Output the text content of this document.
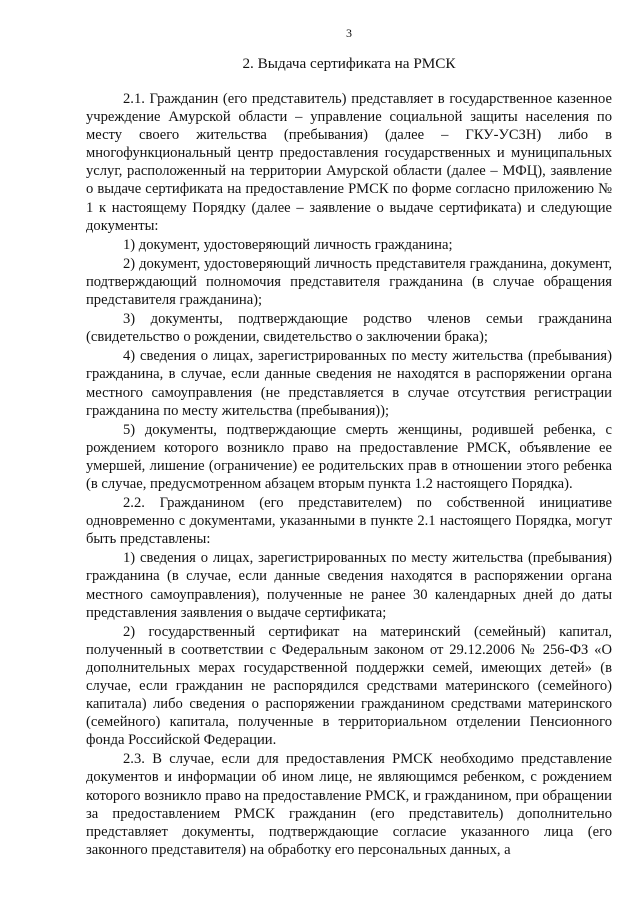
3
2. Выдача сертификата на РМСК

2.1. Гражданин (его представитель) представляет в государственное казенное учреждение Амурской области – управление социальной защиты населения по месту своего жительства (пребывания) (далее – ГКУ-УСЗН) либо в многофункциональный центр предоставления государственных и муниципальных услуг, расположенный на территории Амурской области (далее – МФЦ), заявление о выдаче сертификата на предоставление РМСК по форме согласно приложению № 1 к настоящему Порядку (далее – заявление о выдаче сертификата) и следующие документы:

1) документ, удостоверяющий личность гражданина;

2) документ, удостоверяющий личность представителя гражданина, документ, подтверждающий полномочия представителя гражданина (в случае обращения представителя гражданина);

3) документы, подтверждающие родство членов семьи гражданина (свидетельство о рождении, свидетельство о заключении брака);

4) сведения о лицах, зарегистрированных по месту жительства (пребывания) гражданина, в случае, если данные сведения не находятся в распоряжении органа местного самоуправления (не представляется в случае отсутствия регистрации гражданина по месту жительства (пребывания));

5) документы, подтверждающие смерть женщины, родившей ребенка, с рождением которого возникло право на предоставление РМСК, объявление ее умершей, лишение (ограничение) ее родительских прав в отношении этого ребенка (в случае, предусмотренном абзацем вторым пункта 1.2 настоящего Порядка).

2.2. Гражданином (его представителем) по собственной инициативе одновременно с документами, указанными в пункте 2.1 настоящего Порядка, могут быть представлены:

1) сведения о лицах, зарегистрированных по месту жительства (пребывания) гражданина (в случае, если данные сведения находятся в распоряжении органа местного самоуправления), полученные не ранее 30 календарных дней до даты представления заявления о выдаче сертификата;

2) государственный сертификат на материнский (семейный) капитал, полученный в соответствии с Федеральным законом от 29.12.2006 № 256-ФЗ «О дополнительных мерах государственной поддержки семей, имеющих детей» (в случае, если гражданин не распорядился средствами материнского (семейного) капитала) либо сведения о распоряжении гражданином средствами материнского (семейного) капитала, полученные в территориальном отделении Пенсионного фонда Российской Федерации.

2.3. В случае, если для предоставления РМСК необходимо представление документов и информации об ином лице, не являющимся ребенком, с рождением которого возникло право на предоставление РМСК, и гражданином, при обращении за предоставлением РМСК гражданин (его представитель) дополнительно представляет документы, подтверждающие согласие указанного лица (его законного представителя) на обработку его персональных данных, а
